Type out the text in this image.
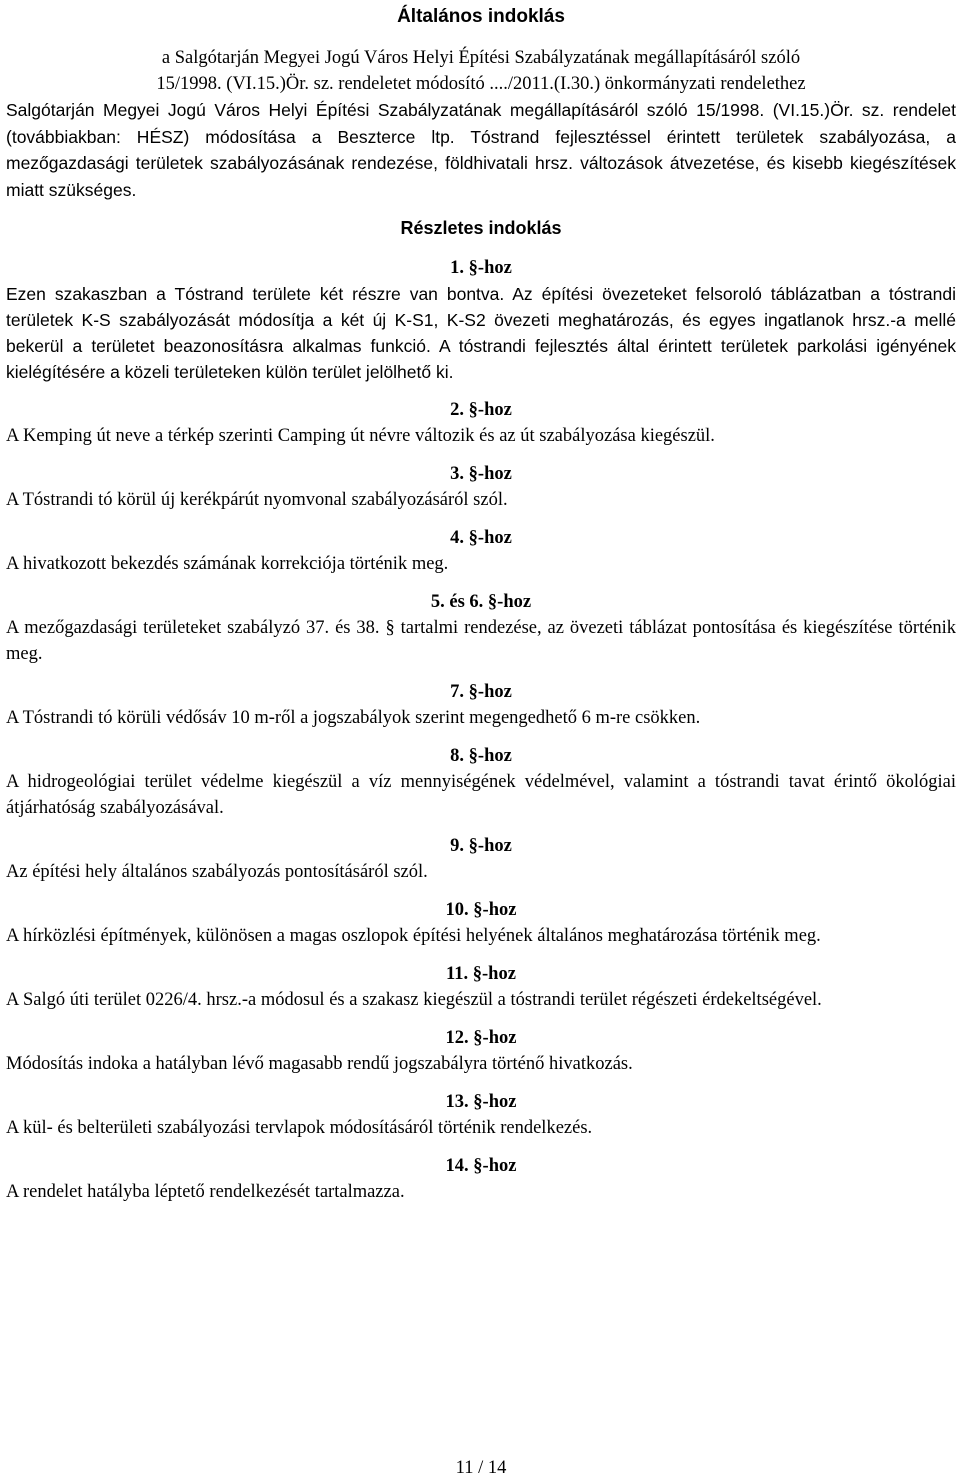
Általános indoklás
a Salgótarján Megyei Jogú Város Helyi Építési Szabályzatának megállapításáról szóló
15/1998. (VI.15.)Ör. sz. rendeletet módosító ..../2011.(I.30.) önkormányzati rendelethez

Salgótarján Megyei Jogú Város Helyi Építési Szabályzatának megállapításáról szóló 15/1998. (VI.15.)Ör. sz. rendelet (továbbiakban: HÉSZ) módosítása a Beszterce ltp. Tóstrand fejlesztéssel érintett területek szabályozása, a mezőgazdasági területek szabályozásának rendezése, földhivatali hrsz. változások átvezetése, és kisebb kiegészítések miatt szükséges.

Részletes indoklás
1. §-hoz

Ezen szakaszban a Tóstrand területe két részre van bontva. Az építési övezeteket felsoroló táblázatban a tóstrandi területek K-S szabályozását módosítja a két új K-S1, K-S2 övezeti meghatározás, és egyes ingatlanok hrsz.-a mellé bekerül a területet beazonosításra alkalmas funkció. A tóstrandi fejlesztés által érintett területek parkolási igényének kielégítésére a közeli területeken külön terület jelölhető ki.

2. §-hoz

A Kemping út neve a térkép szerinti Camping út névre változik és az út szabályozása kiegészül.

3. §-hoz

A Tóstrandi tó körül új kerékpárút nyomvonal szabályozásáról szól.

4. §-hoz

A hivatkozott bekezdés számának korrekciója történik meg.

5. és 6. §-hoz

A mezőgazdasági területeket szabályzó 37. és 38. § tartalmi rendezése, az övezeti táblázat pontosítása és kiegészítése történik meg.

7. §-hoz

A Tóstrandi tó körüli védősáv 10 m-ről a jogszabályok szerint megengedhető 6 m-re csökken.

8. §-hoz

A hidrogeológiai terület védelme kiegészül a víz mennyiségének védelmével, valamint a tóstrandi tavat érintő ökológiai átjárhatóság szabályozásával.

9. §-hoz

Az építési hely általános szabályozás pontosításáról szól.

10. §-hoz

A hírközlési építmények, különösen a magas oszlopok építési helyének általános meghatározása történik meg.

11. §-hoz

A Salgó úti terület 0226/4. hrsz.-a módosul és a szakasz kiegészül a tóstrandi terület régészeti érdekeltségével.

12. §-hoz

Módosítás indoka a hatályban lévő magasabb rendű jogszabályra történő hivatkozás.

13. §-hoz

A kül- és belterületi szabályozási tervlapok módosításáról történik rendelkezés.

14. §-hoz

A rendelet hatályba léptető rendelkezését tartalmazza.

11 / 14
